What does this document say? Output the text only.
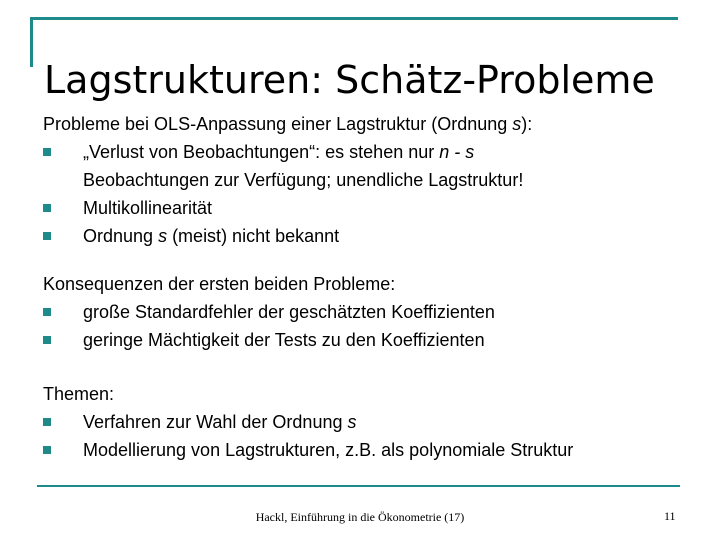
Lagstrukturen: Schätz-Probleme
Probleme bei OLS-Anpassung einer Lagstruktur (Ordnung s):
„Verlust von Beobachtungen“: es stehen nur n - s
Beobachtungen zur Verfügung; unendliche Lagstruktur!
Multikollinearität
Ordnung s (meist) nicht bekannt
Konsequenzen der ersten beiden Probleme:
große Standardfehler der geschätzten Koeffizienten
geringe Mächtigkeit der Tests zu den Koeffizienten
Themen:
Verfahren zur Wahl der Ordnung s
Modellierung von Lagstrukturen, z.B. als polynomiale Struktur
Hackl, Einführung in die Ökonometrie (17)	11
